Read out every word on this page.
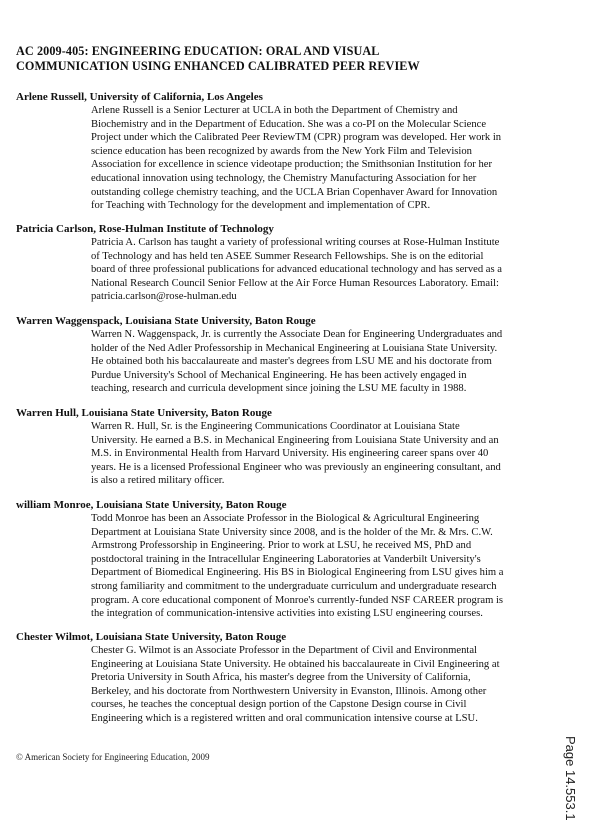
AC 2009-405: ENGINEERING EDUCATION: ORAL AND VISUAL
COMMUNICATION USING ENHANCED CALIBRATED PEER REVIEW

Arlene Russell, University of California, Los Angeles

Arlene Russell is a Senior Lecturer at UCLA in both the Department of Chemistry and
Biochemistry and in the Department of Education. She was a co-PI on the Molecular Science
Project under which the Calibrated Peer ReviewTM (CPR) program was developed. Her work in
science education has been recognized by awards from the New York Film and Television
Association for excellence in science videotape production; the Smithsonian Institution for her
educational innovation using technology, the Chemistry Manufacturing Association for her
outstanding college chemistry teaching, and the UCLA Brian Copenhaver Award for Innovation
for Teaching with Technology for the development and implementation of CPR.

Patricia Carlson, Rose-Hulman Institute of Technology

Patricia A. Carlson has taught a variety of professional writing courses at Rose-Hulman Institute
of Technology and has held ten ASEE Summer Research Fellowships. She is on the editorial
board of three professional publications for advanced educational technology and has served as a
National Research Council Senior Fellow at the Air Force Human Resources Laboratory. Email:
patricia.carlson@rose-hulman.edu

Warren Waggenspack, Louisiana State University, Baton Rouge

Warren N. Waggenspack, Jr. is currently the Associate Dean for Engineering Undergraduates and
holder of the Ned Adler Professorship in Mechanical Engineering at Louisiana State University.
He obtained both his baccalaureate and master's degrees from LSU ME and his doctorate from
Purdue University's School of Mechanical Engineering. He has been actively engaged in
teaching, research and curricula development since joining the LSU ME faculty in 1988.

Warren Hull, Louisiana State University, Baton Rouge

Warren R. Hull, Sr. is the Engineering Communications Coordinator at Louisiana State
University. He earned a B.S. in Mechanical Engineering from Louisiana State University and an
M.S. in Environmental Health from Harvard University. His engineering career spans over 40
years. He is a licensed Professional Engineer who was previously an engineering consultant, and
is also a retired military officer.

william Monroe, Louisiana State University, Baton Rouge

Todd Monroe has been an Associate Professor in the Biological & Agricultural Engineering
Department at Louisiana State University since 2008, and is the holder of the Mr. & Mrs. C.W.
Armstrong Professorship in Engineering. Prior to work at LSU, he received MS, PhD and
postdoctoral training in the Intracellular Engineering Laboratories at Vanderbilt University's
Department of Biomedical Engineering. His BS in Biological Engineering from LSU gives him a
strong familiarity and commitment to the undergraduate curriculum and undergraduate research
program. A core educational component of Monroe's currently-funded NSF CAREER program is
the integration of communication-intensive activities into existing LSU engineering courses.

Chester Wilmot, Louisiana State University, Baton Rouge

Chester G. Wilmot is an Associate Professor in the Department of Civil and Environmental
Engineering at Louisiana State University. He obtained his baccalaureate in Civil Engineering at
Pretoria University in South Africa, his master's degree from the University of California,
Berkeley, and his doctorate from Northwestern University in Evanston, Illinois. Among other
courses, he teaches the conceptual design portion of the Capstone Design course in Civil
Engineering which is a registered written and oral communication intensive course at LSU.

© American Society for Engineering Education, 2009	Page 14.553.1
